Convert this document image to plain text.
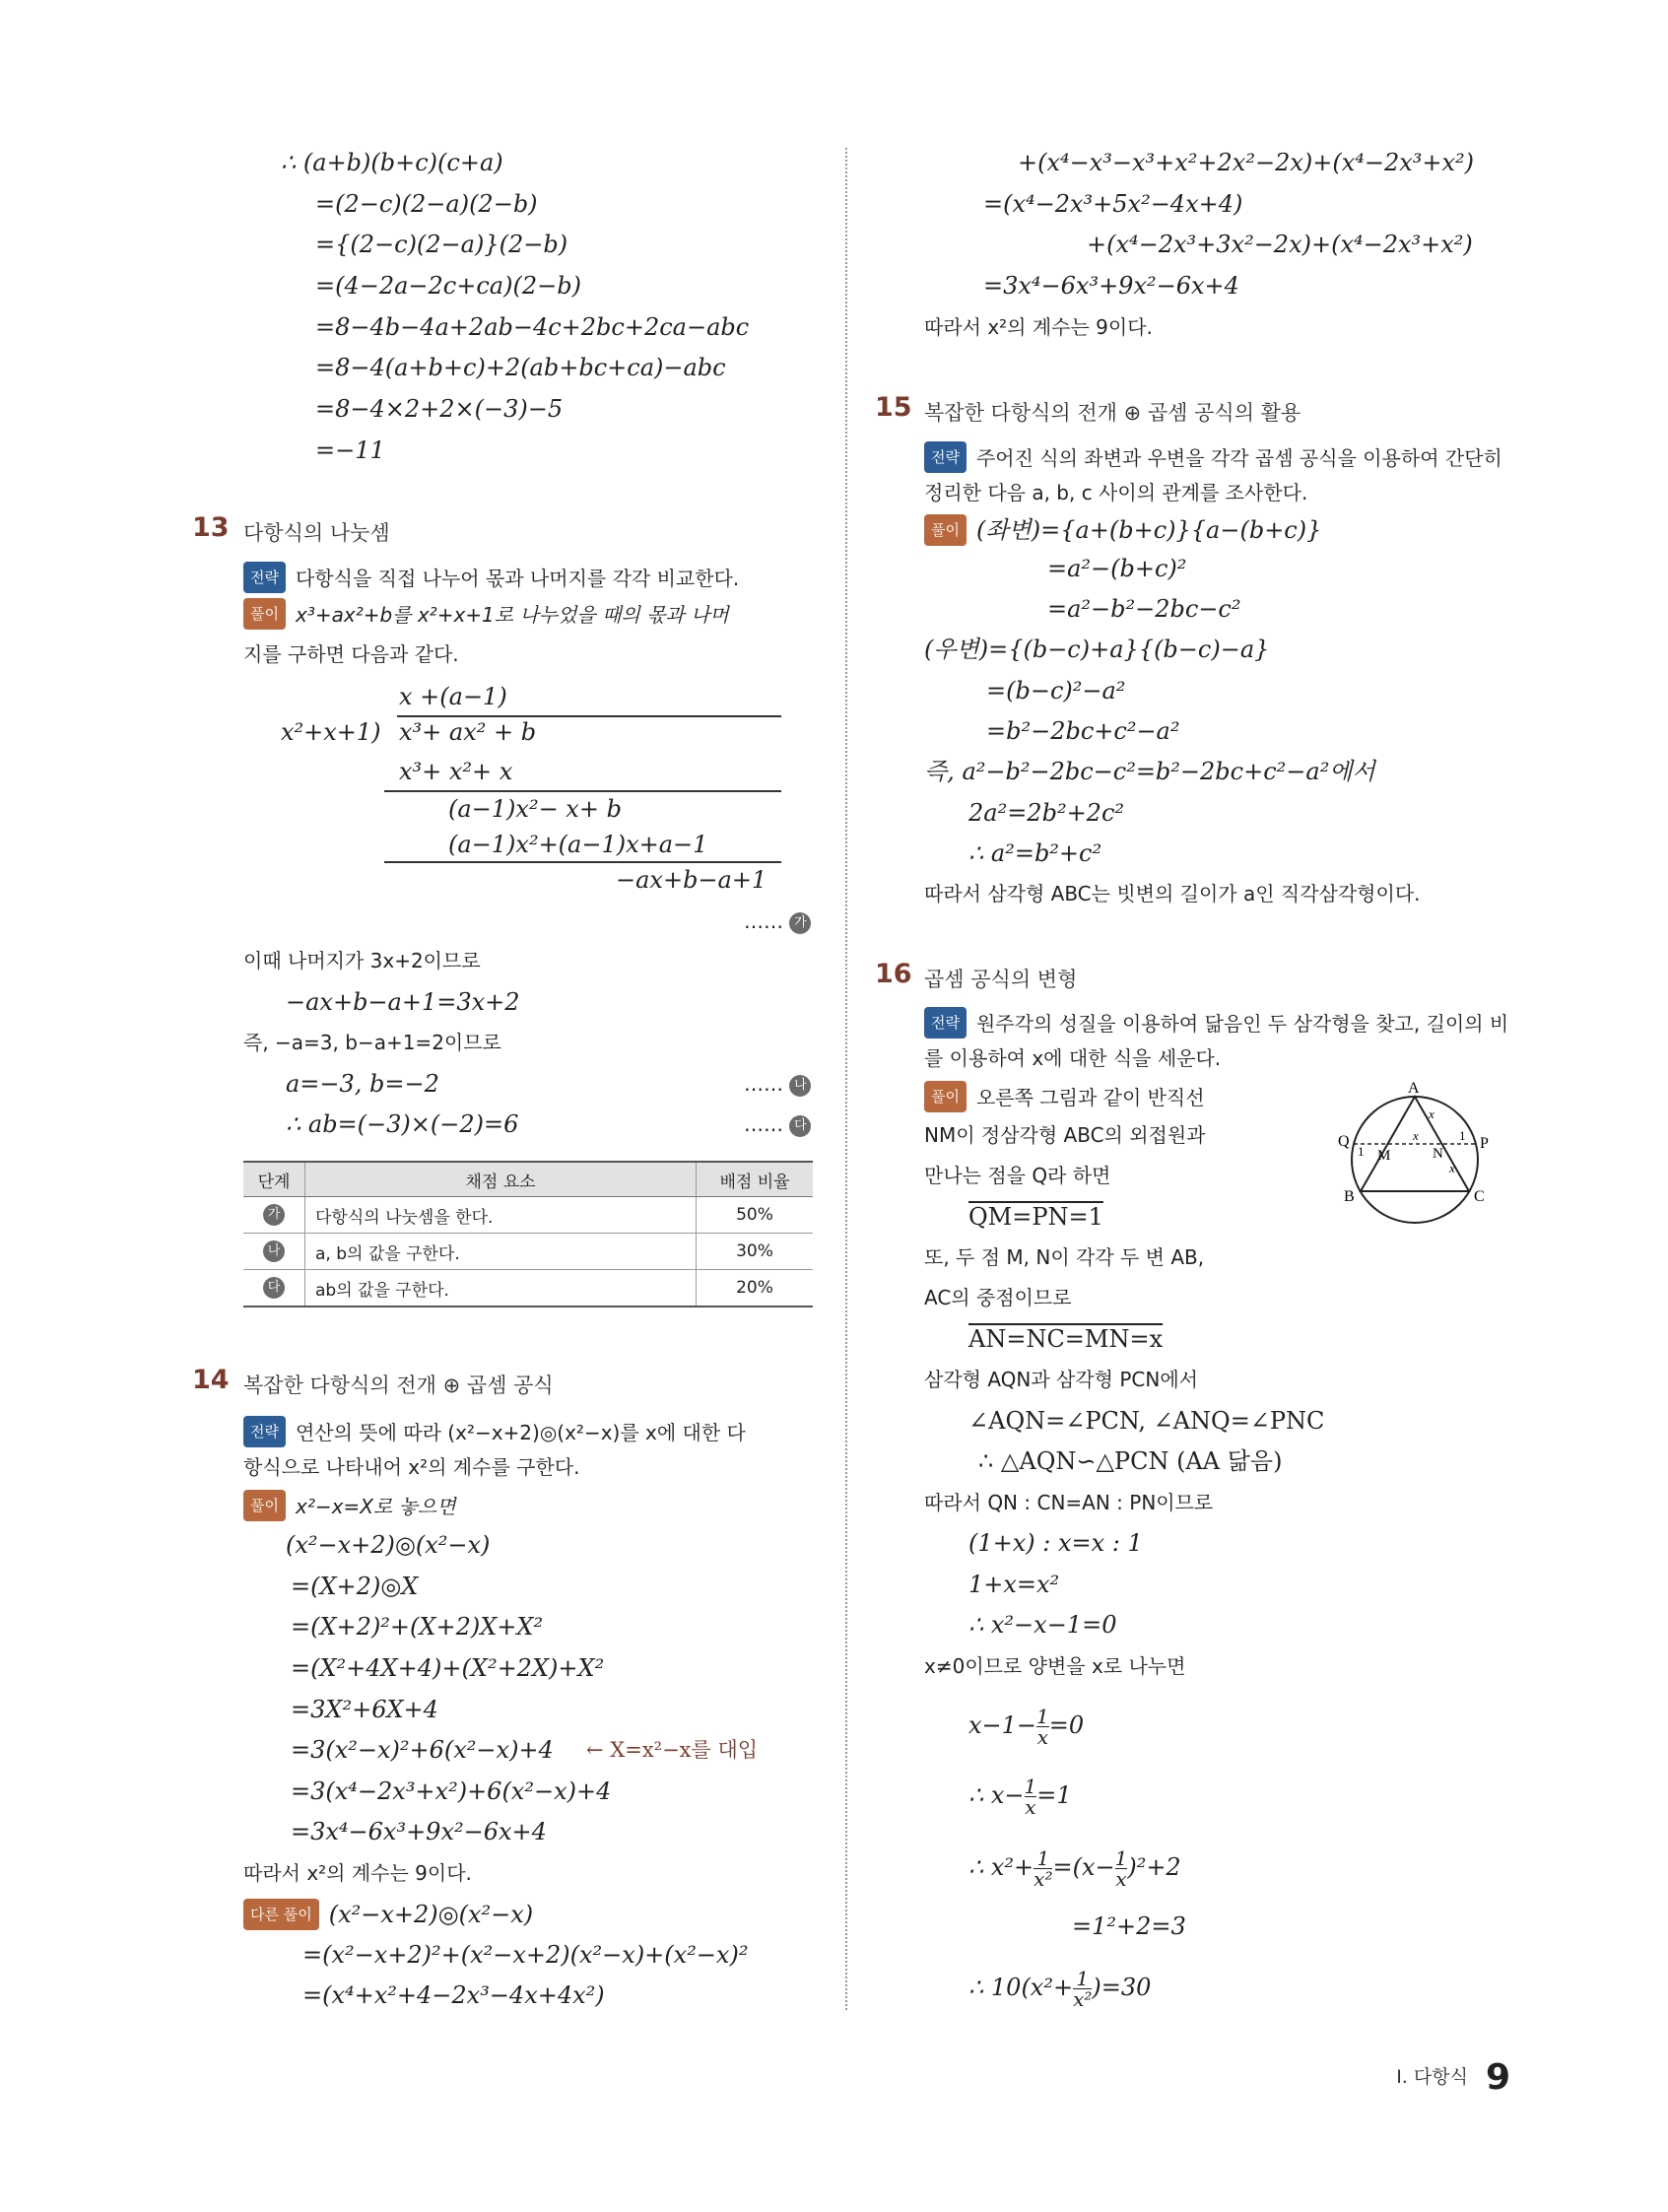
∴ (a+b)(b+c)(c+a)
=(2−c)(2−a)(2−b)
={(2−c)(2−a)}(2−b)
=(4−2a−2c+ca)(2−b)
=8−4b−4a+2ab−4c+2bc+2ca−abc
=8−4(a+b+c)+2(ab+bc+ca)−abc
=8−4×2+2×(−3)−5
=−11
13 다항식의 나눗셈
전략 다항식을 직접 나누어 몫과 나머지를 각각 비교한다.
풀이 x³+ax²+b를 x²+x+1로 나누었을 때의 몫과 나머
지를 구하면 다음과 같다.
x +(a−1)
x²+x+1) x³+ ax² + b
x³+ x²+ x
(a−1)x²− x+ b
(a−1)x²+(a−1)x+a−1
−ax+b−a+1
…… 가
이때 나머지가 3x+2이므로
−ax+b−a+1=3x+2
즉, −a=3, b−a+1=2이므로
a=−3, b=−2	…… 나
∴ ab=(−3)×(−2)=6	…… 다
단계	채점 요소	배점 비율
가	다항식의 나눗셈을 한다.	50%
나	a, b의 값을 구한다.	30%
다	ab의 값을 구한다.	20%
14 복잡한 다항식의 전개 ⊕ 곱셈 공식
전략 연산의 뜻에 따라 (x²−x+2)◎(x²−x)를 x에 대한 다
항식으로 나타내어 x²의 계수를 구한다.
풀이 x²−x=X로 놓으면
(x²−x+2)◎(x²−x)
=(X+2)◎X
=(X+2)²+(X+2)X+X²
=(X²+4X+4)+(X²+2X)+X²
=3X²+6X+4
=3(x²−x)²+6(x²−x)+4 ← X=x²−x를 대입
=3(x⁴−2x³+x²)+6(x²−x)+4
=3x⁴−6x³+9x²−6x+4
따라서 x²의 계수는 9이다.
다른 풀이 (x²−x+2)◎(x²−x)
=(x²−x+2)²+(x²−x+2)(x²−x)+(x²−x)²
=(x⁴+x²+4−2x³−4x+4x²)
+(x⁴−x³−x³+x²+2x²−2x)+(x⁴−2x³+x²)
=(x⁴−2x³+5x²−4x+4)
+(x⁴−2x³+3x²−2x)+(x⁴−2x³+x²)
=3x⁴−6x³+9x²−6x+4
따라서 x²의 계수는 9이다.
15 복잡한 다항식의 전개 ⊕ 곱셈 공식의 활용
전략 주어진 식의 좌변과 우변을 각각 곱셈 공식을 이용하여 간단히
정리한 다음 a, b, c 사이의 관계를 조사한다.
풀이 (좌변)={a+(b+c)}{a−(b+c)}
=a²−(b+c)²
=a²−b²−2bc−c²
(우변)={(b−c)+a}{(b−c)−a}
=(b−c)²−a²
=b²−2bc+c²−a²
즉, a²−b²−2bc−c²=b²−2bc+c²−a²에서
2a²=2b²+2c²
∴ a²=b²+c²
따라서 삼각형 ABC는 빗변의 길이가 a인 직각삼각형이다.
16 곱셈 공식의 변형
전략 원주각의 성질을 이용하여 닮음인 두 삼각형을 찾고, 길이의 비
를 이용하여 x에 대한 식을 세운다.
풀이 오른쪽 그림과 같이 반직선
NM이 정삼각형 ABC의 외접원과
만나는 점을 Q라 하면
QM=PN=1
또, 두 점 M, N이 각각 두 변 AB,
AC의 중점이므로
AN=NC=MN=x
A
B	C
P
Q
M	N
1
1
x
x
x
삼각형 AQN과 삼각형 PCN에서
∠AQN=∠PCN, ∠ANQ=∠PNC
∴ △AQN∽△PCN (AA 닮음)
따라서 QN : CN=AN : PN이므로
(1+x) : x=x : 1
1+x=x²
∴ x²−x−1=0
x≠0이므로 양변을 x로 나누면
$x-1- \frac{1}{x} =0$
∴ $x- \frac{1}{x} =1$
∴ $x^2+ \frac{1}{\text{x²}} =(x- \frac{1}{x} )^2+2$
=1²+2=3
∴ $10(x^2+ \frac{1}{\text{x²}} )=30$
Ⅰ. 다항식 9
